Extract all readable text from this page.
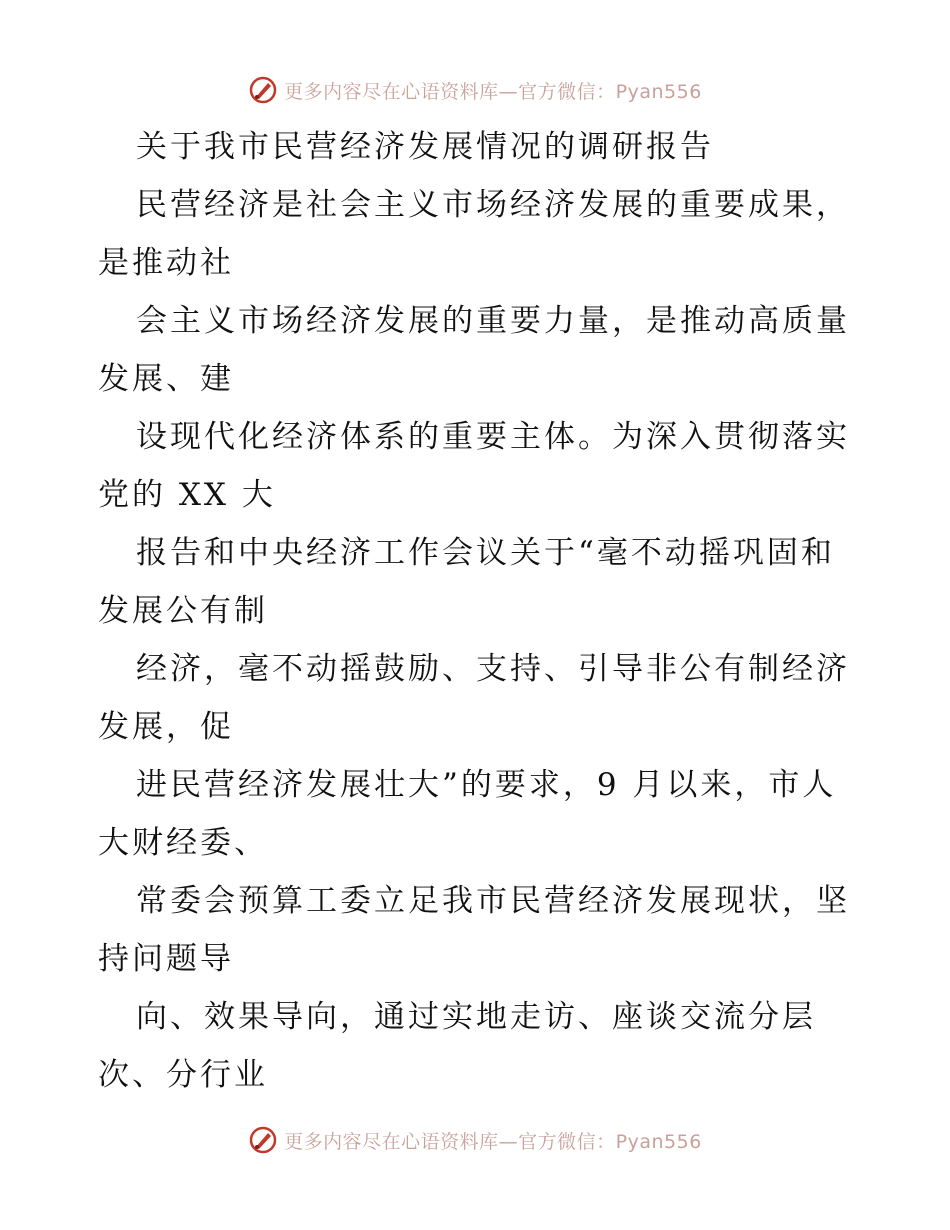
更多内容尽在心语资料库—官方微信：Pyan556
关于我市民营经济发展情况的调研报告
民营经济是社会主义市场经济发展的重要成果，
是推动社
会主义市场经济发展的重要力量，是推动高质量
发展、建
设现代化经济体系的重要主体。为深入贯彻落实
党的 XX 大
报告和中央经济工作会议关于“毫不动摇巩固和
发展公有制
经济，毫不动摇鼓励、支持、引导非公有制经济
发展，促
进民营经济发展壮大”的要求，9 月以来，市人
大财经委、
常委会预算工委立足我市民营经济发展现状，坚
持问题导
向、效果导向，通过实地走访、座谈交流分层
次、分行业
更多内容尽在心语资料库—官方微信：Pyan556
